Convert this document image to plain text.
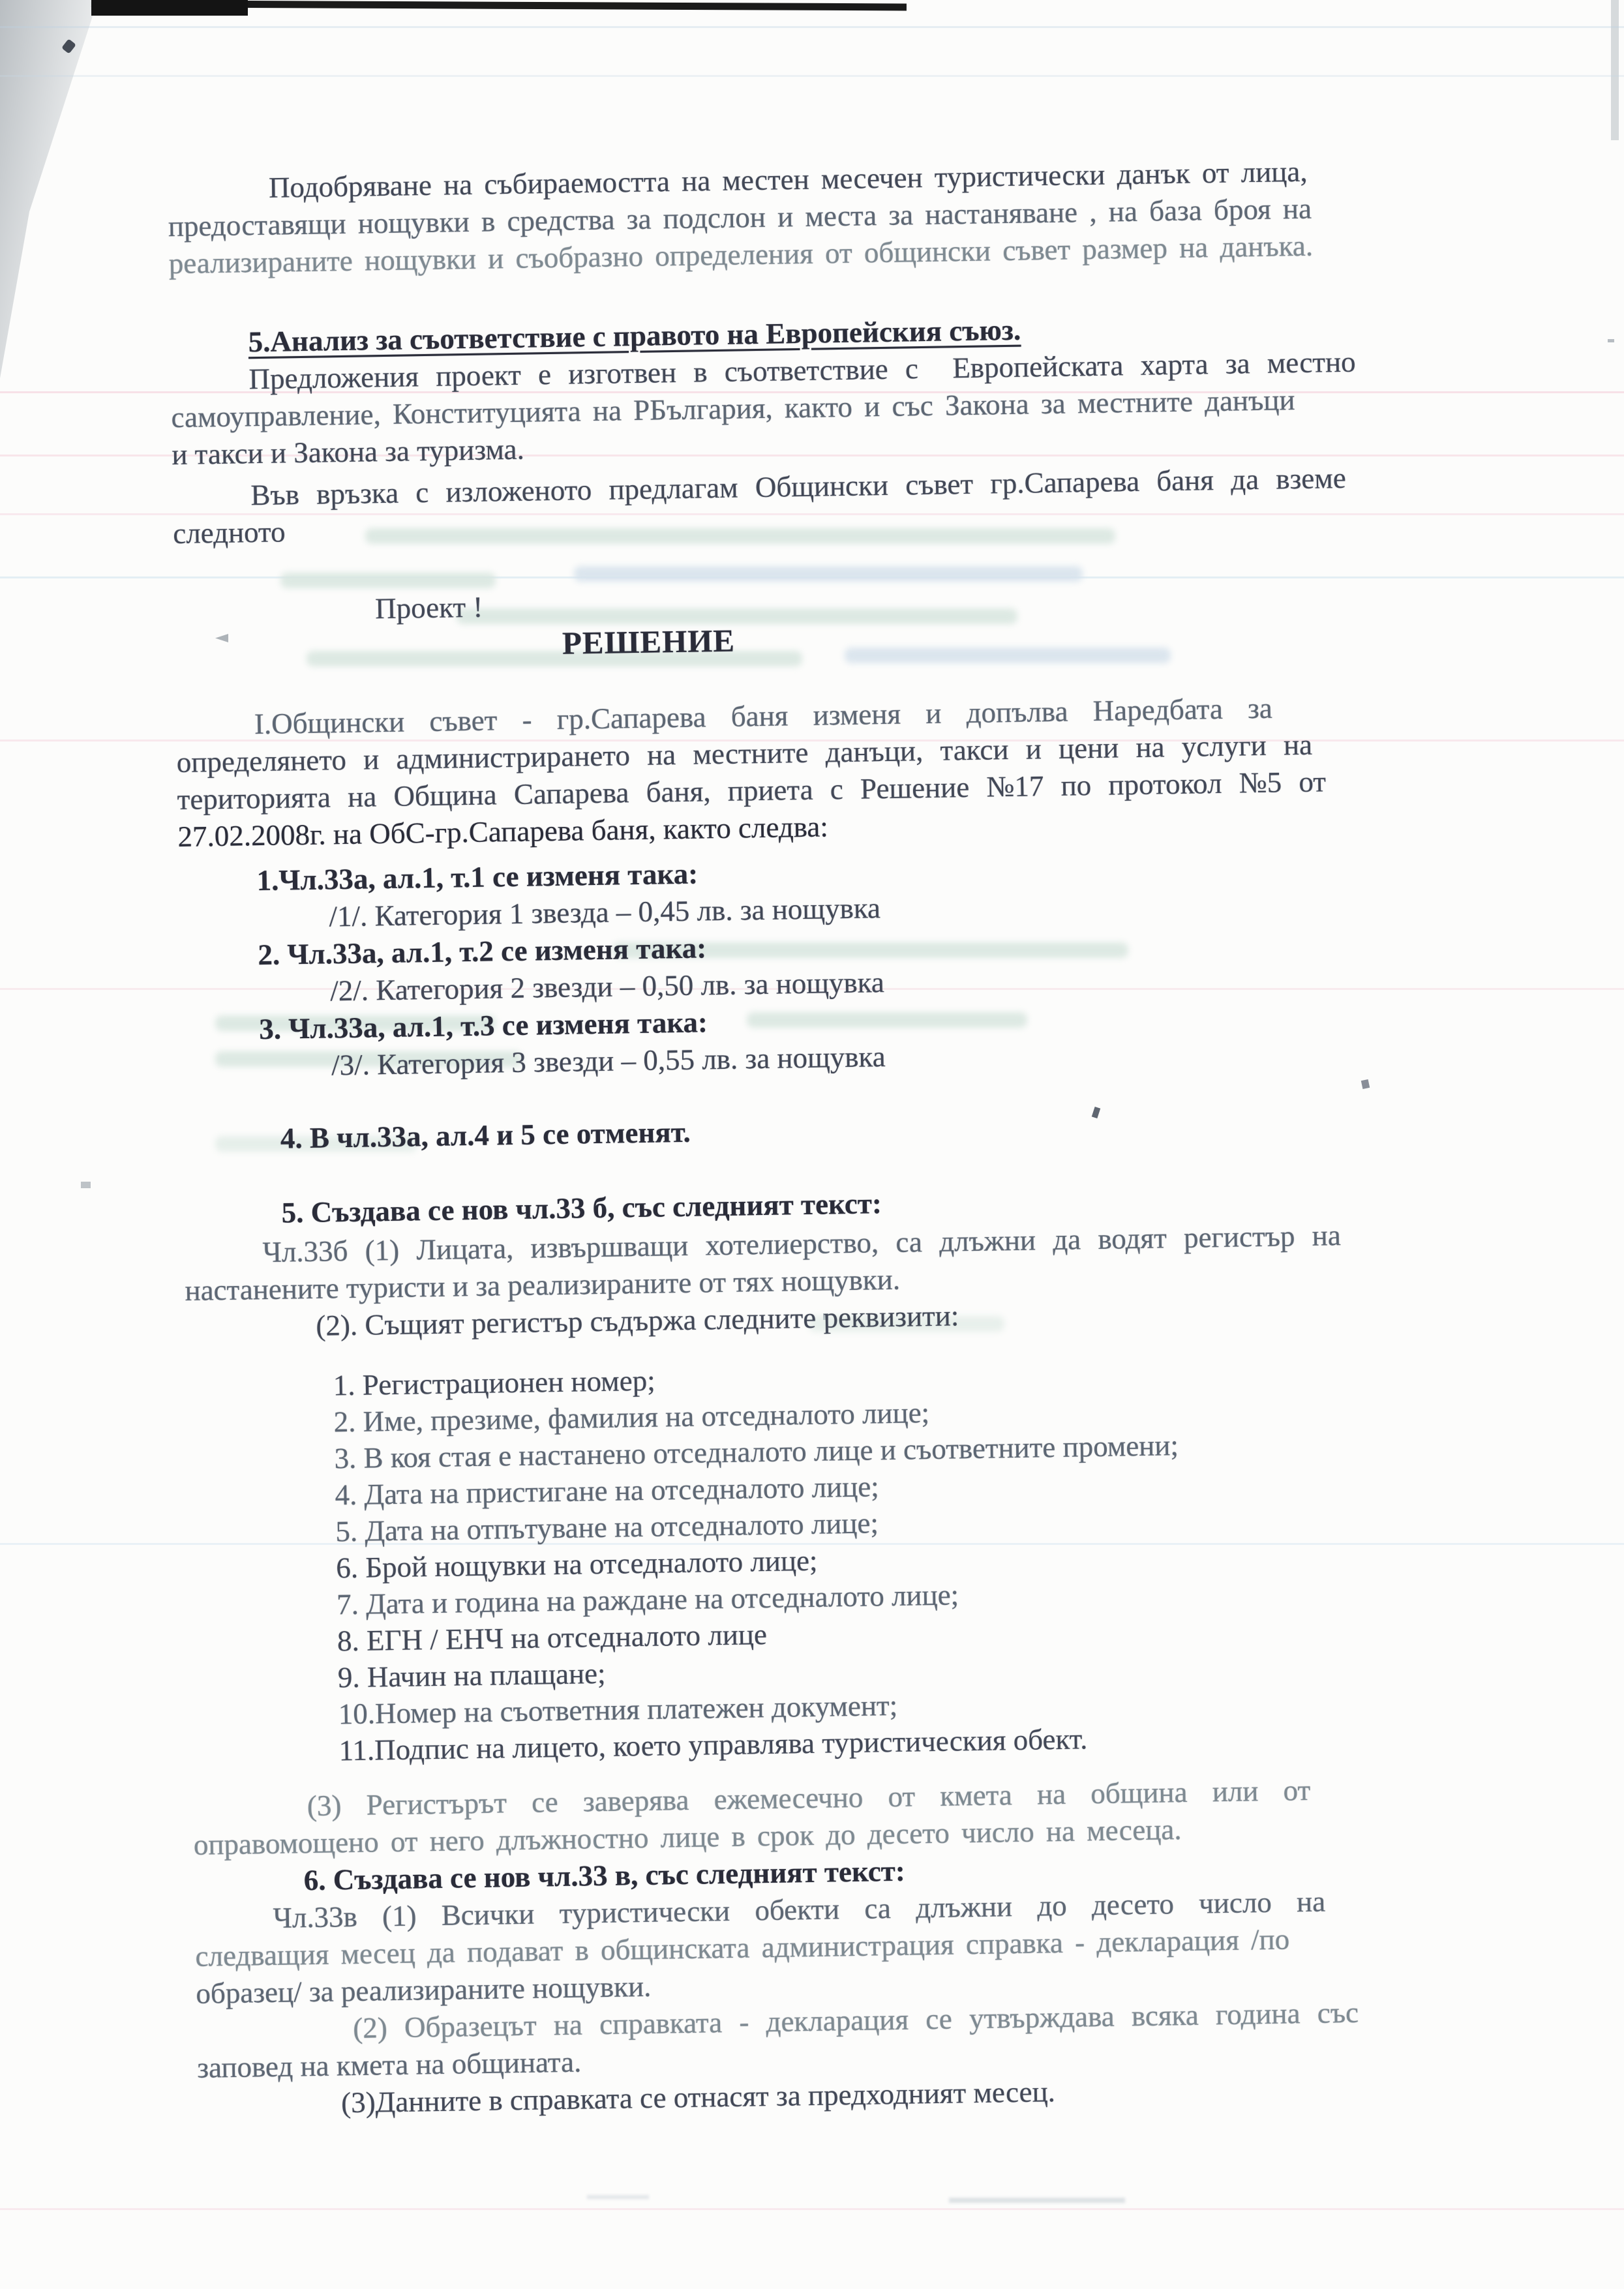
Подобряване на събираемостта на местен месечен туристически данък от лица,
предоставящи нощувки в средства за подслон и места за настаняване , на база броя на
реализираните нощувки и съобразно определения от общински съвет размер на данъка.
5.Анализ за съответствие с правото на Европейския съюз.
Предложения проект е изготвен в съответствие с  Европейската харта за местно
самоуправление, Конституцията на РБългария, както и със Закона за местните данъци
и такси и Закона за туризма.
Във връзка с изложеното предлагам Общински съвет гр.Сапарева баня да вземе
следното
Проект !
РЕШЕНИЕ
І.Общински съвет - гр.Сапарева баня изменя и допълва Наредбата за
определянето и администрирането на местните данъци, такси и цени на услуги на
територията на Община Сапарева баня, приета с Решение №17 по протокол №5 от
27.02.2008г. на ОбС-гр.Сапарева баня, както следва:
1.Чл.33а, ал.1, т.1 се изменя така:
/1/. Категория 1 звезда – 0,45 лв. за нощувка
2. Чл.33а, ал.1, т.2 се изменя така:
/2/. Категория 2 звезди – 0,50 лв. за нощувка
3. Чл.33а, ал.1, т.3 се изменя така:
/3/. Категория 3 звезди – 0,55 лв. за нощувка
4. В чл.33а, ал.4 и 5 се отменят.
5. Създава се нов чл.33 б, със следният текст:
Чл.33б (1) Лицата, извършващи хотелиерство, са длъжни да водят регистър на
настанените туристи и за реализираните от тях нощувки.
(2). Същият регистър съдържа следните реквизити:
1. Регистрационен номер;
2. Име, презиме, фамилия на отседналото лице;
3. В коя стая е настанено отседналото лице и съответните промени;
4. Дата на пристигане на отседналото лице;
5. Дата на отпътуване на отседналото лице;
6. Брой нощувки на отседналото лице;
7. Дата и година на раждане на отседналото лице;
8. ЕГН / ЕНЧ на отседналото лице
9. Начин на плащане;
10.Номер на съответния платежен документ;
11.Подпис на лицето, което управлява туристическия обект.
(3) Регистърът се заверява ежемесечно от кмета на община или от
оправомощено от него длъжностно лице в срок до десето число на месеца.
6. Създава се нов чл.33 в, със следният текст:
Чл.33в (1) Всички туристически обекти са длъжни до десето число на
следващия месец да подават в общинската администрация справка - декларация /по
образец/ за реализираните нощувки.
(2) Образецът на справката - декларация се утвърждава всяка година със
заповед на кмета на общината.
(3)Данните в справката се отнасят за предходният месец.
